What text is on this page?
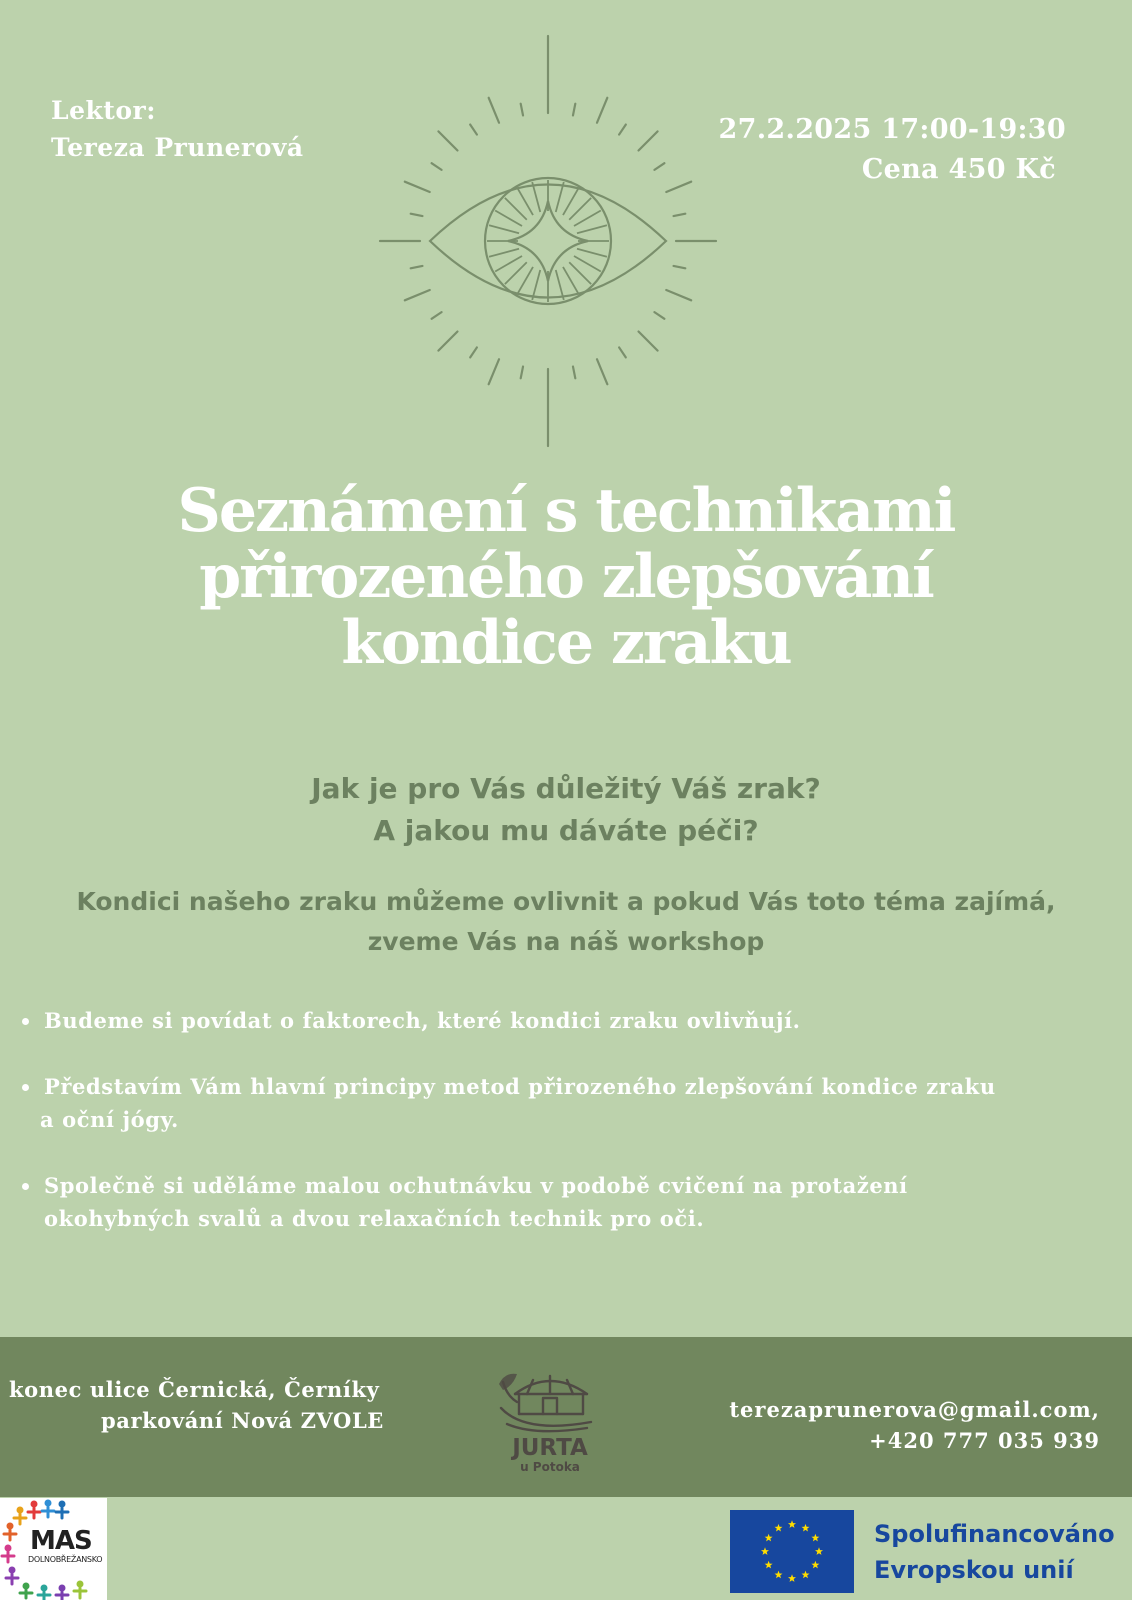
Lektor:
Tereza Prunerová
27.2.2025 17:00-19:30
Cena 450 Kč
Seznámení s technikami
přirozeného zlepšování
kondice zraku
Jak je pro Vás důležitý Váš zrak?
A jakou mu dáváte péči?
Kondici našeho zraku můžeme ovlivnit a pokud Vás toto téma zajímá,
zveme Vás na náš workshop
Budeme si povídat o faktorech, které kondici zraku ovlivňují.
Představím Vám hlavní principy metod přirozeného zlepšování kondice zraku
a oční jógy.
Společně si uděláme malou ochutnávku v podobě cvičení na protažení
okohybných svalů a dvou relaxačních technik pro oči.
konec ulice Černická, Černíky
parkování Nová ZVOLE
JURTA
u Potoka
terezaprunerova@gmail.com,
+420 777 035 939
MAS
DOLNOBŘEŽANSKO
Spolufinancováno
Evropskou unií
